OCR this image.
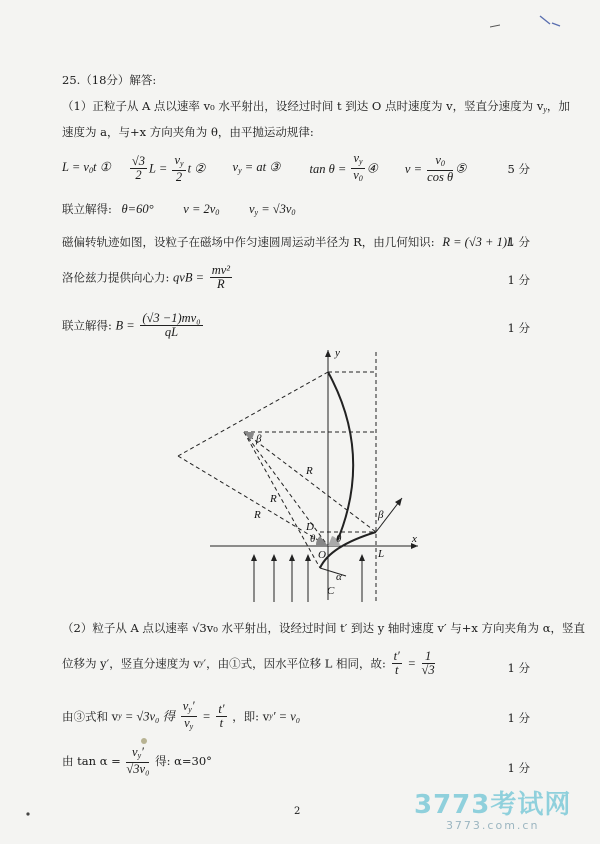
25.（18分）解答:
（1）正粒子从 A 点以速率 v₀ 水平射出，设经过时间 t 到达 O 点时速度为 v，竖直分速度为 $v_y$，加
速度为 a，与+x 方向夹角为 θ，由平抛运动规律:
$L = v_0t$ ① $\frac{√3}{2}$ $L = \frac{v_y}{2}$ t ② $v_y$ = at ③ $\tan \theta = \frac{v_y}{v_0}$ ④ $v = \frac{v_0}{\text{cos θ}}$ ⑤	5 分
联立解得: θ=60° $v = 2v_0$ $v_y = √3v_0$
磁偏转轨迹如图，设粒子在磁场中作匀速圆周运动半径为 R，由几何知识: R = (√3 + 1)L
1 分
洛伦兹力提供向心力: qvB = $\frac{\text{mv²}}{R}$	1 分
联立解得: $B = \frac{\text{(√3 −1)mv₀}}{qL}$	1 分
y
x
O	L
C
D
R
R
R
θ θ
β
β
α
（2）粒子从 A 点以速率 √3v₀ 水平射出，设经过时间 t′ 到达 y 轴时速度 v′ 与+x 方向夹角为 α，竖直
位移为 y′，竖直分速度为 vy′，由①式，因水平位移 L 相同，故: $\frac{t'}{t} = \frac{1}{√3}$	1 分
由③式和 vy = √3v₀ 得 $\frac{v_y'}{v_y} = \frac{t'}{t}$ ，即: vy′ = v₀	1 分
由 $\tan \alpha = \frac{v_y'}{\text{√3v₀}}$ 得: α=30°	1 分
2	3773考试网
3773.com.cn
